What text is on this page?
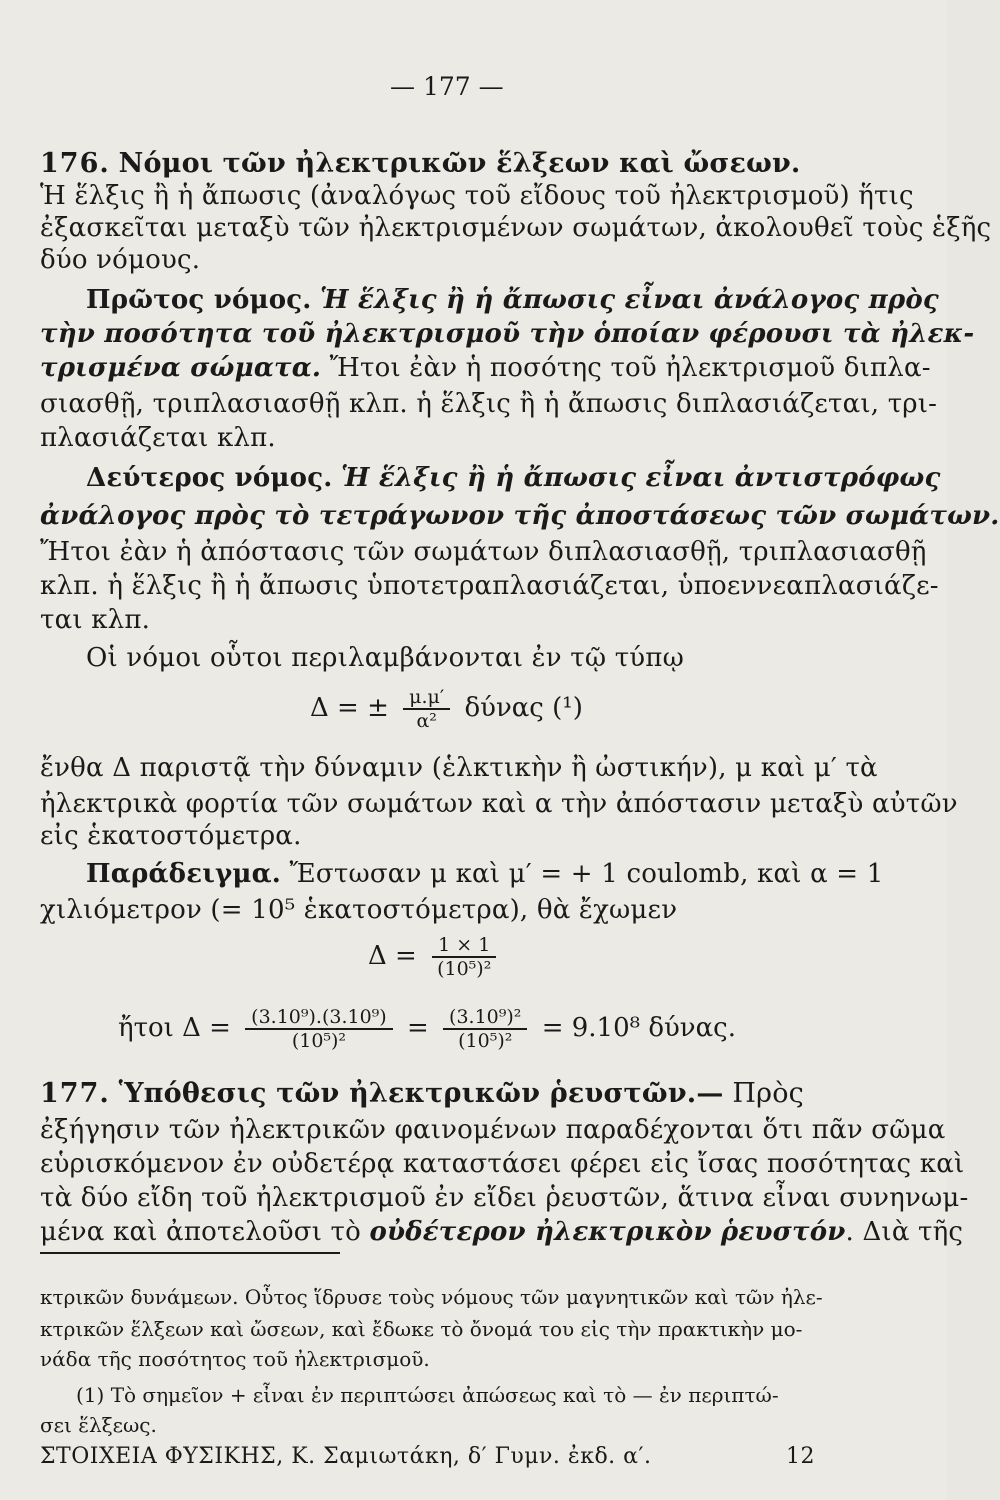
— 177 —
176. Νόμοι τῶν ἠλεκτρικῶν ἕλξεων καὶ ὤσεων.
Ἡ ἕλξις ἢ ἡ ἄπωσις (ἀναλόγως τοῦ εἴδους τοῦ ἠλεκτρισμοῦ) ἥτις
ἐξασκεῖται μεταξὺ τῶν ἠλεκτρισμένων σωμάτων, ἀκολουθεῖ τοὺς ἑξῆς
δύο νόμους.
Πρῶτος νόμος. Ἡ ἕλξις ἢ ἡ ἄπωσις εἶναι ἀνάλογος πρὸς
τὴν ποσότητα τοῦ ἠλεκτρισμοῦ τὴν ὁποίαν φέρουσι τὰ ἠλεκ-
τρισμένα σώματα. Ἤτοι ἐὰν ἡ ποσότης τοῦ ἠλεκτρισμοῦ διπλα-
σιασθῇ, τριπλασιασθῇ κλπ. ἡ ἕλξις ἢ ἡ ἄπωσις διπλασιάζεται, τρι-
πλασιάζεται κλπ.
Δεύτερος νόμος. Ἡ ἕλξις ἢ ἡ ἄπωσις εἶναι ἀντιστρόφως
ἀνάλογος πρὸς τὸ τετράγωνον τῆς ἀποστάσεως τῶν σωμάτων.
Ἤτοι ἐὰν ἡ ἀπόστασις τῶν σωμάτων διπλασιασθῇ, τριπλασιασθῇ
κλπ. ἡ ἕλξις ἢ ἡ ἄπωσις ὑποτετραπλασιάζεται, ὑποεννεαπλασιάζε-
ται κλπ.
Οἱ νόμοι οὗτοι περιλαμβάνονται ἐν τῷ τύπῳ
Δ = ± $\frac{\mu.\mu'}{\text{α²}}$ δύνας (¹)
ἔνθα Δ παριστᾷ τὴν δύναμιν (ἑλκτικὴν ἢ ὠστικήν), μ καὶ μ′ τὰ
ἠλεκτρικὰ φορτία τῶν σωμάτων καὶ α τὴν ἀπόστασιν μεταξὺ αὐτῶν
εἰς ἑκατοστόμετρα.
Παράδειγμα. Ἔστωσαν μ καὶ μ′ = + 1 coulomb, καὶ α = 1
χιλιόμετρον (= 10⁵ ἑκατοστόμετρα), θὰ ἔχωμεν
$\Delta = \frac{1 \times 1}{\text{(10⁵)²}}$
ἤτοι $\Delta = \frac{\text{(3.10⁹).(3.10⁹)}}{\text{(10⁵)²}} = \frac{\text{(3.10⁹)²}}{\text{(10⁵)²}} = 9.10^8$ δύνας.
177. Ὑπόθεσις τῶν ἠλεκτρικῶν ῥευστῶν.— Πρὸς
ἐξήγησιν τῶν ἠλεκτρικῶν φαινομένων παραδέχονται ὅτι πᾶν σῶμα
εὑρισκόμενον ἐν οὐδετέρᾳ καταστάσει φέρει εἰς ἴσας ποσότητας καὶ
τὰ δύο εἴδη τοῦ ἠλεκτρισμοῦ ἐν εἴδει ῥευστῶν, ἅτινα εἶναι συνηνωμ-
μένα καὶ ἀποτελοῦσι τὸ οὐδέτερον ἠλεκτρικὸν ῥευστόν. Διὰ τῆς
κτρικῶν δυνάμεων. Οὗτος ἵδρυσε τοὺς νόμους τῶν μαγνητικῶν καὶ τῶν ἠλε-
κτρικῶν ἕλξεων καὶ ὤσεων, καὶ ἔδωκε τὸ ὄνομά του εἰς τὴν πρακτικὴν μο-
νάδα τῆς ποσότητος τοῦ ἠλεκτρισμοῦ.
(1) Τὸ σημεῖον + εἶναι ἐν περιπτώσει ἀπώσεως καὶ τὸ — ἐν περιπτώ-
σει ἕλξεως.
ΣΤΟΙΧΕΙΑ ΦΥΣΙΚΗΣ, Κ. Σαμιωτάκη, δ′ Γυμν. ἐκδ. α′.	12
